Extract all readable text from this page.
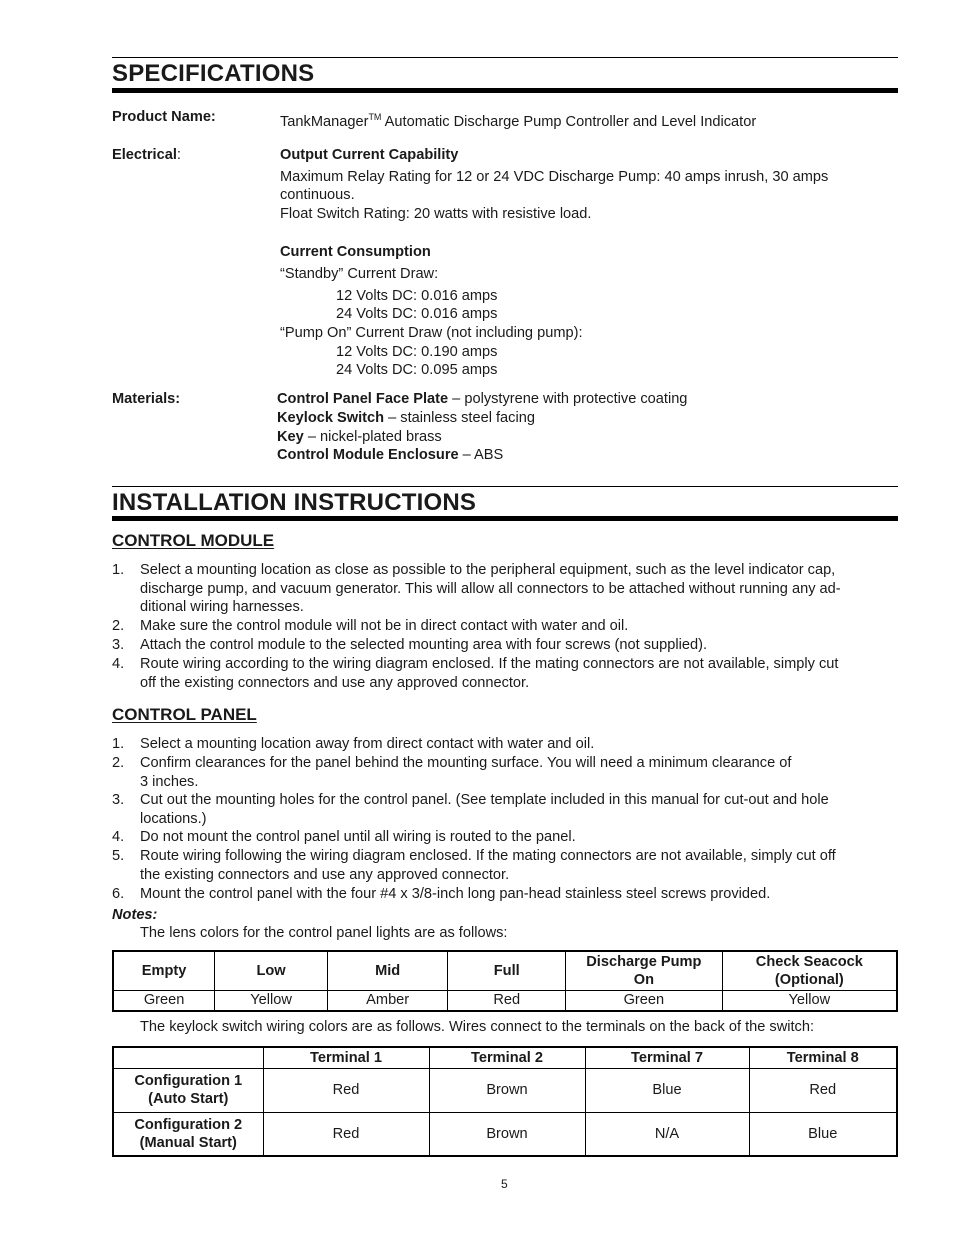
SPECIFICATIONS
Product Name:	TankManager™ Automatic Discharge Pump Controller and Level Indicator
Electrical:	Output Current Capability
Maximum Relay Rating for 12 or 24 VDC Discharge Pump: 40 amps inrush, 30 amps
continuous.
Float Switch Rating: 20 watts with resistive load.
Current Consumption
“Standby” Current Draw:
12 Volts DC: 0.016 amps
24 Volts DC: 0.016 amps
“Pump On” Current Draw (not including pump):
12 Volts DC: 0.190 amps
24 Volts DC: 0.095 amps
Materials:	Control Panel Face Plate – polystyrene with protective coating
Keylock Switch – stainless steel facing
Key – nickel-plated brass
Control Module Enclosure – ABS
INSTALLATION INSTRUCTIONS
CONTROL MODULE
1. Select a mounting location as close as possible to the peripheral equipment, such as the level indicator cap,
discharge pump, and vacuum generator. This will allow all connectors to be attached without running any ad-
ditional wiring harnesses.
2. Make sure the control module will not be in direct contact with water and oil.
3. Attach the control module to the selected mounting area with four screws (not supplied).
4. Route wiring according to the wiring diagram enclosed. If the mating connectors are not available, simply cut
off the existing connectors and use any approved connector.
CONTROL PANEL
1. Select a mounting location away from direct contact with water and oil.
2. Confirm clearances for the panel behind the mounting surface. You will need a minimum clearance of
3 inches.
3. Cut out the mounting holes for the control panel. (See template included in this manual for cut-out and hole
locations.)
4. Do not mount the control panel until all wiring is routed to the panel.
5. Route wiring following the wiring diagram enclosed. If the mating connectors are not available, simply cut off
the existing connectors and use any approved connector.
6. Mount the control panel with the four #4 x 3/8-inch long pan-head stainless steel screws provided.
Notes:
The lens colors for the control panel lights are as follows:
Empty	Low	Mid	Full	Discharge Pump On	Check Seacock (Optional)
Green	Yellow	Amber	Red	Green	Yellow
The keylock switch wiring colors are as follows. Wires connect to the terminals on the back of the switch:
	Terminal 1	Terminal 2	Terminal 7	Terminal 8
Configuration 1 (Auto Start)	Red	Brown	Blue	Red
Configuration 2 (Manual Start)	Red	Brown	N/A	Blue
5
